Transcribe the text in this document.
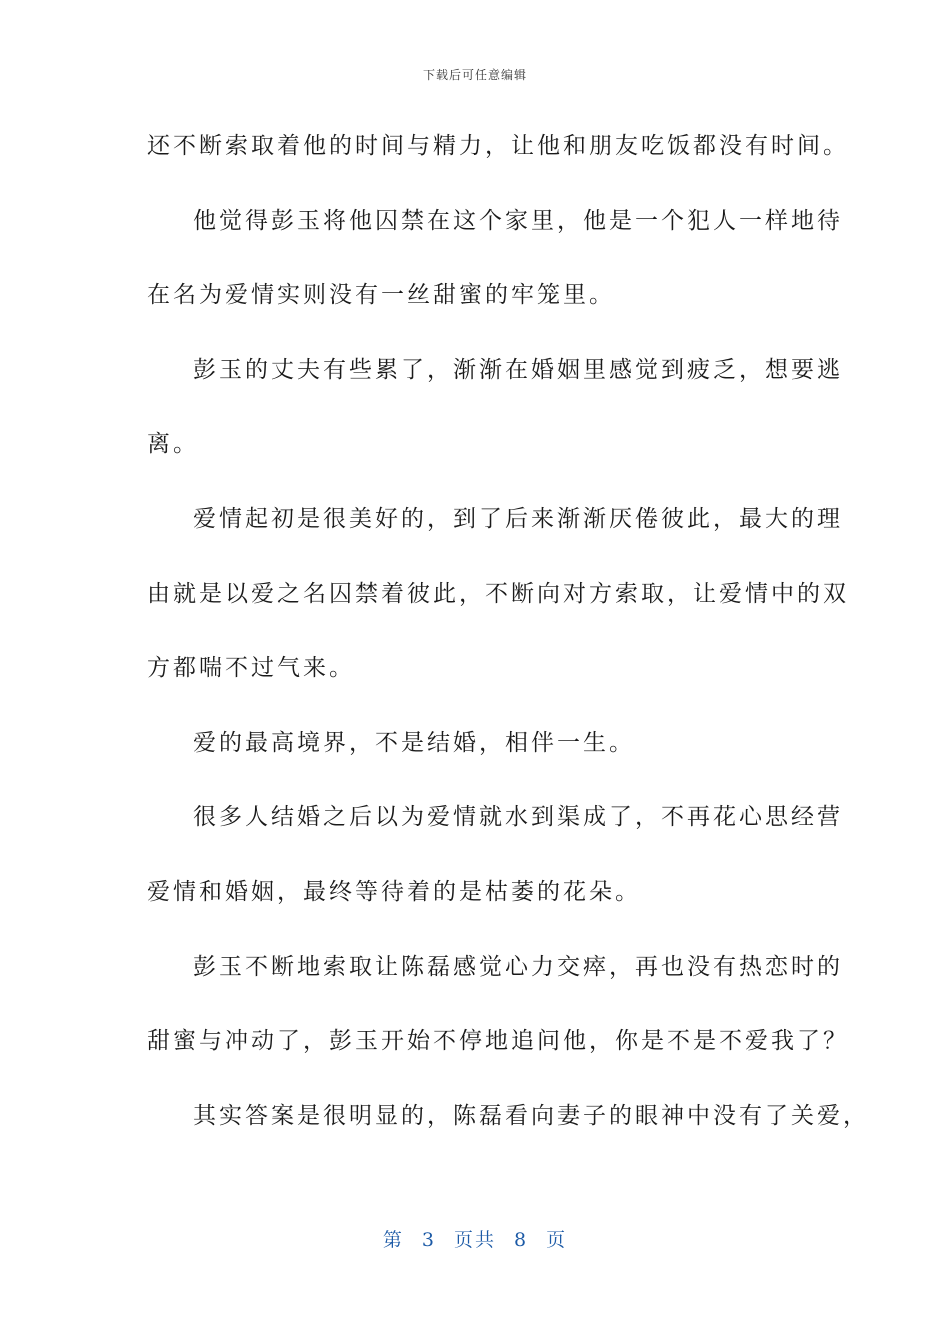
下载后可任意编辑
还不断索取着他的时间与精力，让他和朋友吃饭都没有时间。
他觉得彭玉将他囚禁在这个家里，他是一个犯人一样地待
在名为爱情实则没有一丝甜蜜的牢笼里。
彭玉的丈夫有些累了，渐渐在婚姻里感觉到疲乏，想要逃
离。
爱情起初是很美好的，到了后来渐渐厌倦彼此，最大的理
由就是以爱之名囚禁着彼此，不断向对方索取，让爱情中的双
方都喘不过气来。
爱的最高境界，不是结婚，相伴一生。
很多人结婚之后以为爱情就水到渠成了，不再花心思经营
爱情和婚姻，最终等待着的是枯萎的花朵。
彭玉不断地索取让陈磊感觉心力交瘁，再也没有热恋时的
甜蜜与冲动了，彭玉开始不停地追问他，你是不是不爱我了？
其实答案是很明显的，陈磊看向妻子的眼神中没有了关爱，
第 3 页共 8 页
